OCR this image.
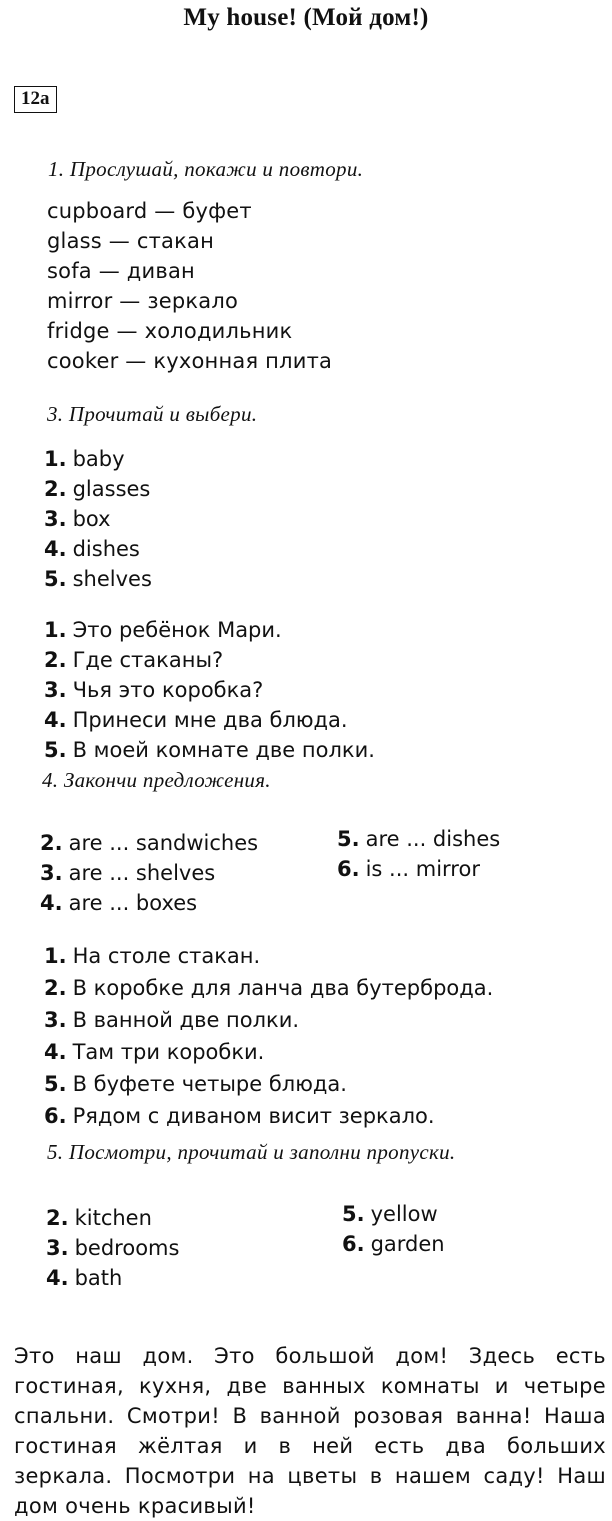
My house! (Мой дом!)
12a
1. Прослушай, покажи и повтори.
cupboard — буфет
glass — стакан
sofa — диван
mirror — зеркало
fridge — холодильник
cooker — кухонная плита
3. Прочитай и выбери.
1. baby
2. glasses
3. box
4. dishes
5. shelves
1. Это ребёнок Мари.
2. Где стаканы?
3. Чья это коробка?
4. Принеси мне два блюда.
5. В моей комнате две полки.
4. Закончи предложения.
2. are ... sandwiches
3. are ... shelves
4. are ... boxes
5. are ... dishes
6. is ... mirror
1. На столе стакан.
2. В коробке для ланча два бутерброда.
3. В ванной две полки.
4. Там три коробки.
5. В буфете четыре блюда.
6. Рядом с диваном висит зеркало.
5. Посмотри, прочитай и заполни пропуски.
2. kitchen
3. bedrooms
4. bath
5. yellow
6. garden
Это наш дом. Это большой дом! Здесь есть гостиная, кухня, две ванных комнаты и четыре спальни. Смотри! В ванной розовая ванна! Наша гостиная жёлтая и в ней есть два больших зеркала. Посмотри на цветы в нашем саду! Наш дом очень красивый!
